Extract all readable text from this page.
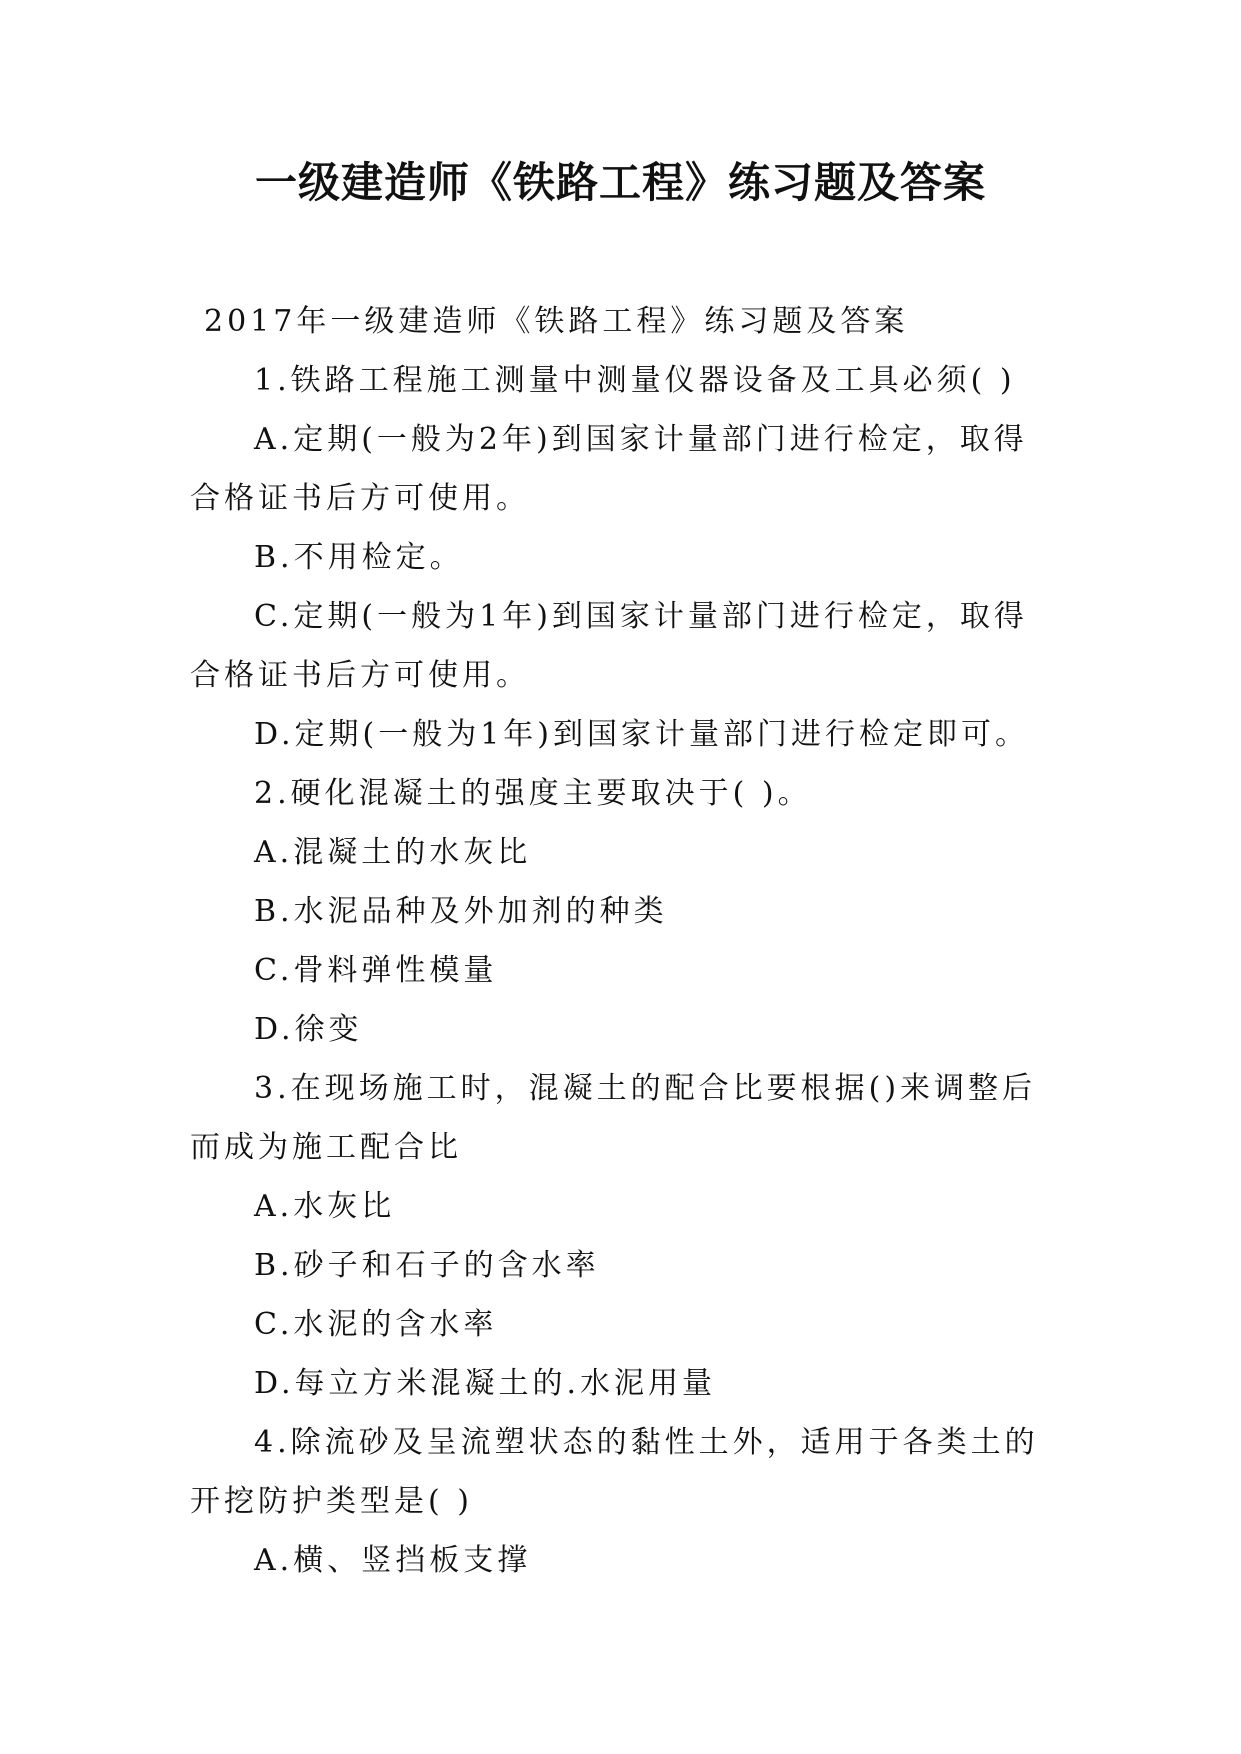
一级建造师《铁路工程》练习题及答案

2017年一级建造师《铁路工程》练习题及答案

1.铁路工程施工测量中测量仪器设备及工具必须( )

A.定期(一般为2年)到国家计量部门进行检定，取得合格证书后方可使用。

B.不用检定。

C.定期(一般为1年)到国家计量部门进行检定，取得合格证书后方可使用。

D.定期(一般为1年)到国家计量部门进行检定即可。

2.硬化混凝土的强度主要取决于( )。

A.混凝土的水灰比

B.水泥品种及外加剂的种类

C.骨料弹性模量

D.徐变

3.在现场施工时，混凝土的配合比要根据()来调整后而成为施工配合比

A.水灰比

B.砂子和石子的含水率

C.水泥的含水率

D.每立方米混凝土的.水泥用量

4.除流砂及呈流塑状态的黏性土外，适用于各类土的开挖防护类型是( )

A.横、竖挡板支撑
